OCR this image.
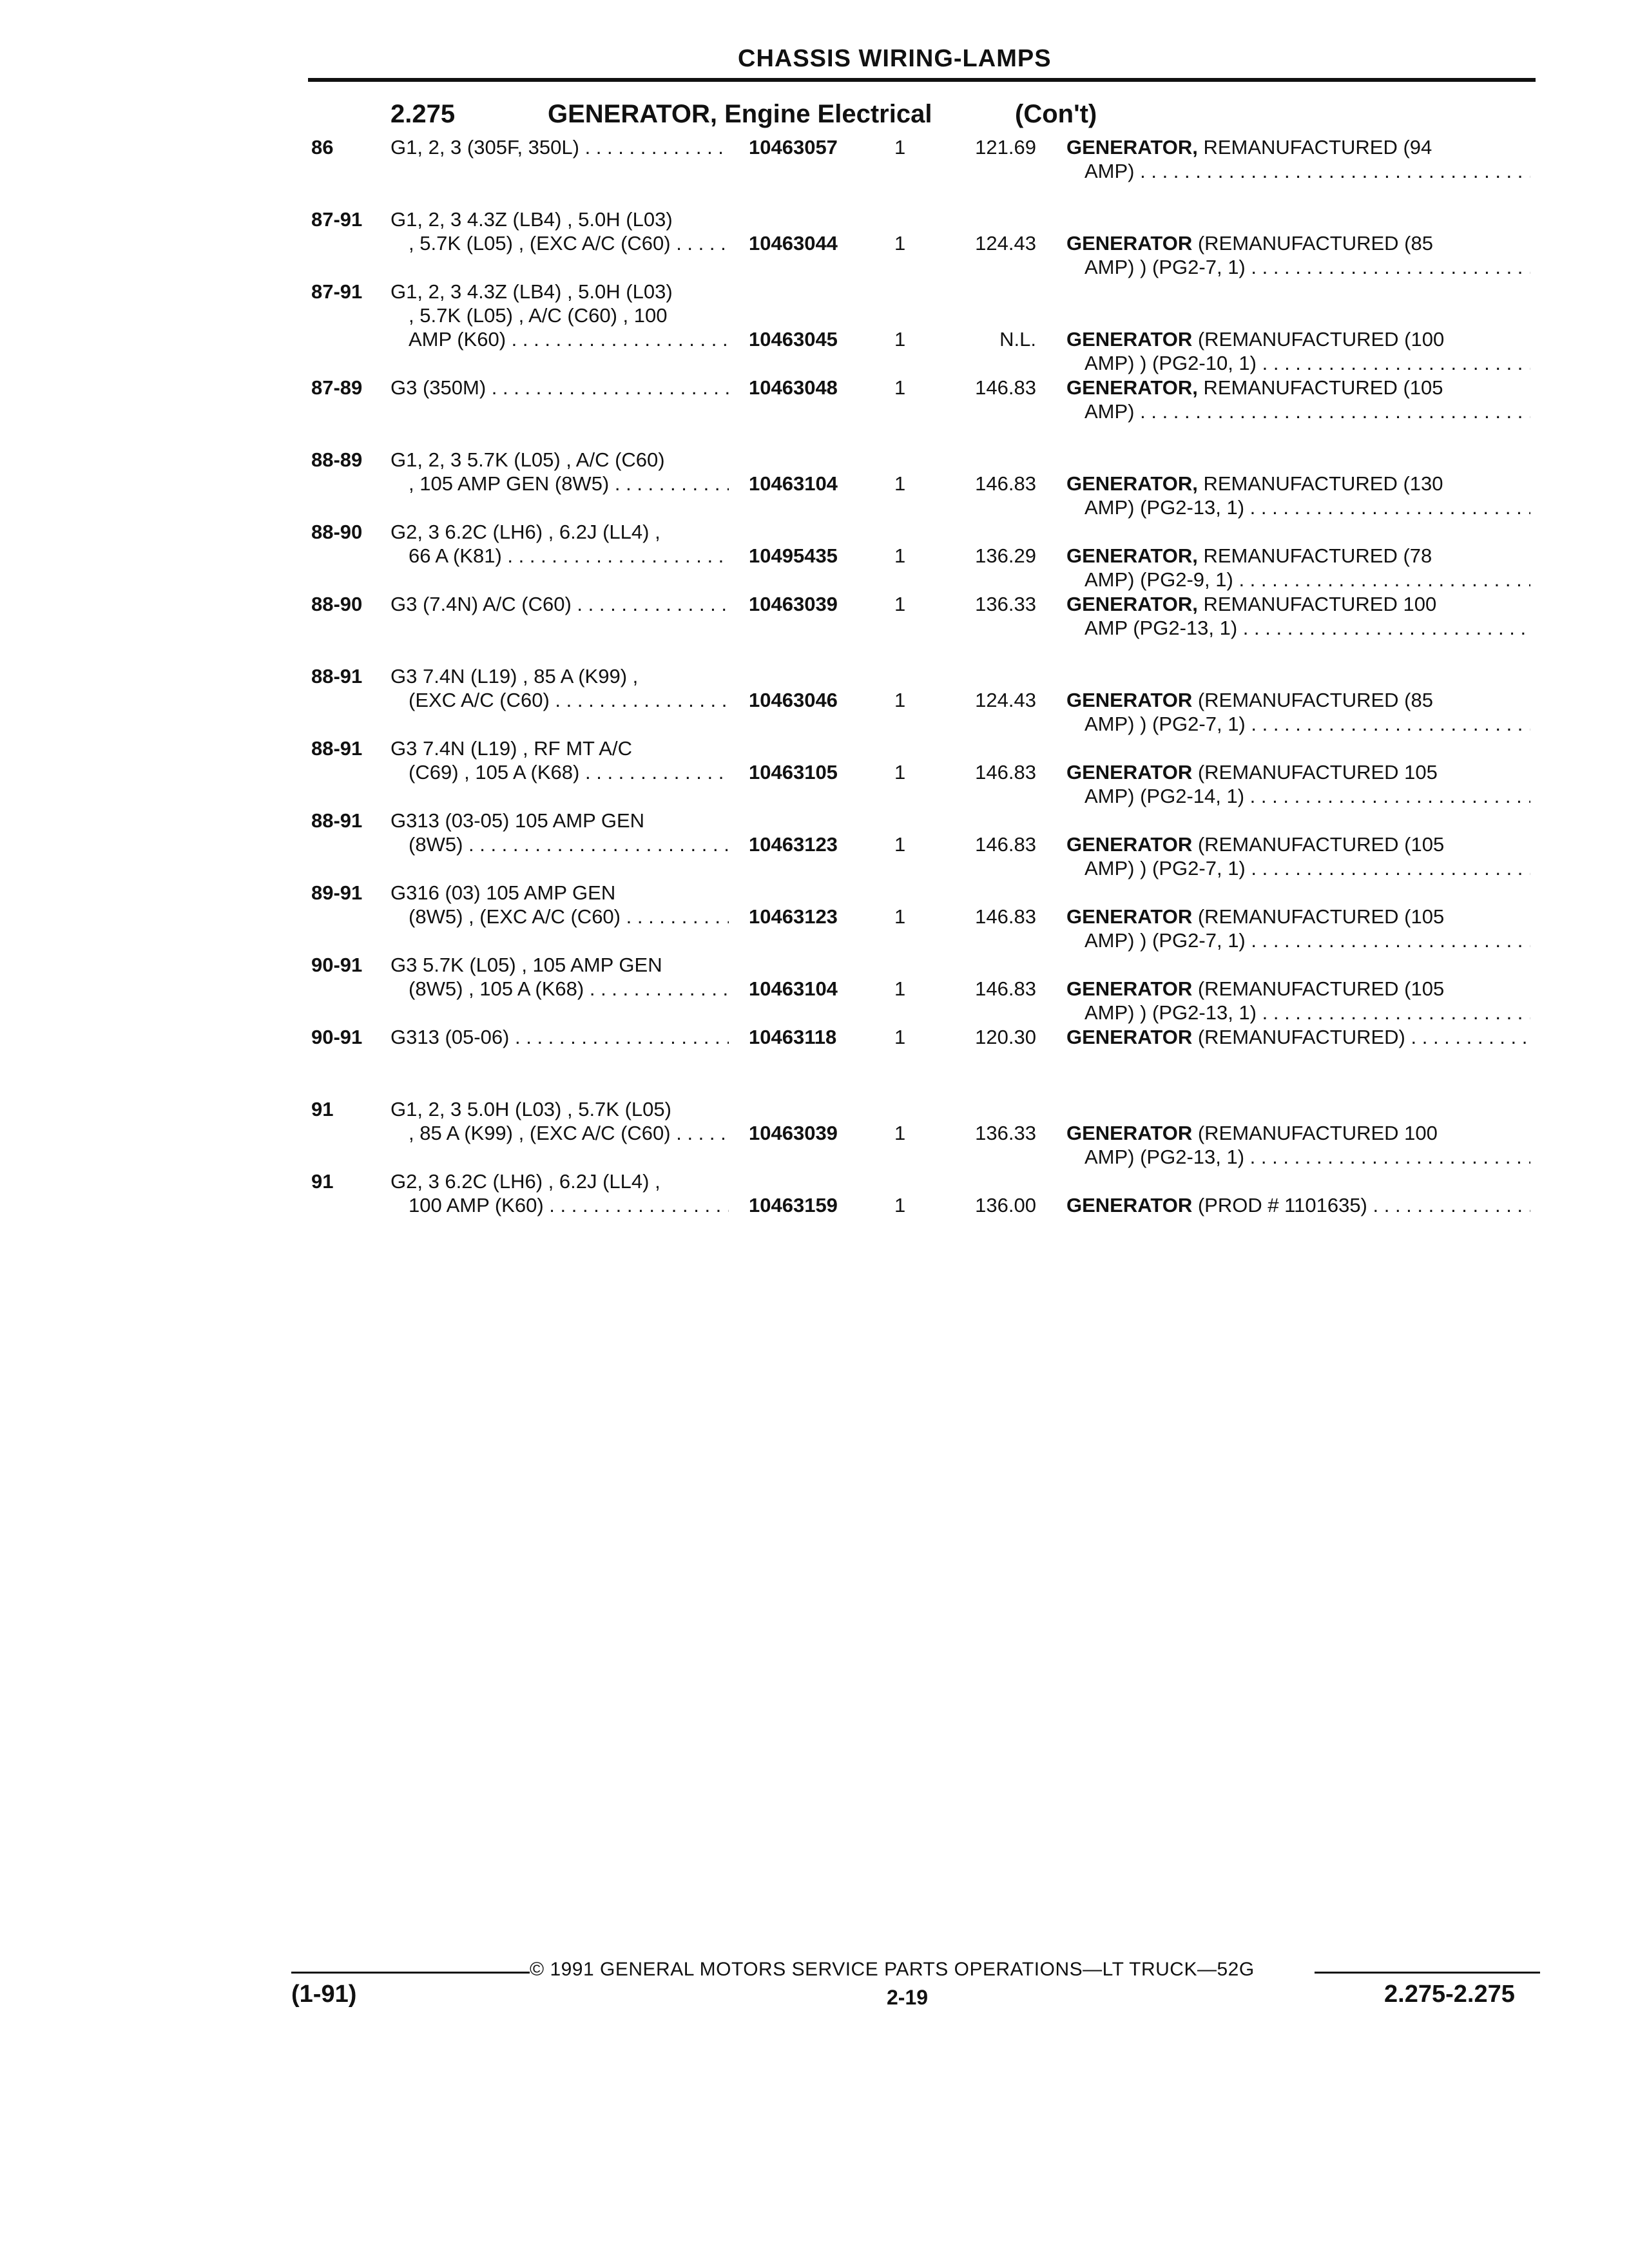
CHASSIS WIRING-LAMPS
2.275	GENERATOR, Engine Electrical	(Con't)
86	G1, 2, 3 (305F, 350L) . . .	10463057	1	121.69 GENERATOR, REMANUFACTURED (94
AMP) . . .
87-91 G1, 2, 3 4.3Z (LB4) , 5.0H (L03)
, 5.7K (L05) , (EXC A/C (C60) . . .	10463044	1	124.43 GENERATOR (REMANUFACTURED (85
AMP) ) (PG2-7, 1) . . .
87-91 G1, 2, 3 4.3Z (LB4) , 5.0H (L03)
, 5.7K (L05) , A/C (C60) , 100
AMP (K60) . . .	10463045	1	N.L. GENERATOR (REMANUFACTURED (100
AMP) ) (PG2-10, 1) . . .
87-89 G3 (350M) . . .	10463048	1	146.83 GENERATOR, REMANUFACTURED (105
AMP) . . .
88-89 G1, 2, 3 5.7K (L05) , A/C (C60)
, 105 AMP GEN (8W5) . . .	10463104	1	146.83 GENERATOR, REMANUFACTURED (130
AMP) (PG2-13, 1) . . .
88-90 G2, 3 6.2C (LH6) , 6.2J (LL4) ,
66 A (K81) . . .	10495435	1	136.29 GENERATOR, REMANUFACTURED (78
AMP) (PG2-9, 1) . . .
88-90 G3 (7.4N) A/C (C60) . . .	10463039	1	136.33 GENERATOR, REMANUFACTURED 100
AMP (PG2-13, 1) . . .
88-91 G3 7.4N (L19) , 85 A (K99) ,
(EXC A/C (C60) . . .	10463046	1	124.43 GENERATOR (REMANUFACTURED (85
AMP) ) (PG2-7, 1) . . .
88-91 G3 7.4N (L19) , RF MT A/C
(C69) , 105 A (K68) . . .	10463105	1	146.83 GENERATOR (REMANUFACTURED 105
AMP) (PG2-14, 1) . . .
88-91 G313 (03-05) 105 AMP GEN
(8W5) . . .	10463123	1	146.83 GENERATOR (REMANUFACTURED (105
AMP) ) (PG2-7, 1) . . .
89-91 G316 (03) 105 AMP GEN
(8W5) , (EXC A/C (C60) . . .	10463123	1	146.83 GENERATOR (REMANUFACTURED (105
AMP) ) (PG2-7, 1) . . .
90-91 G3 5.7K (L05) , 105 AMP GEN
(8W5) , 105 A (K68) . . .	10463104	1	146.83 GENERATOR (REMANUFACTURED (105
AMP) ) (PG2-13, 1) . . .
90-91 G313 (05-06) . . .	10463118	1	120.30 GENERATOR (REMANUFACTURED) . . .
91	G1, 2, 3 5.0H (L03) , 5.7K (L05)
, 85 A (K99) , (EXC A/C (C60) . . .	10463039	1	136.33 GENERATOR (REMANUFACTURED 100
AMP) (PG2-13, 1) . . .
91	G2, 3 6.2C (LH6) , 6.2J (LL4) ,
100 AMP (K60) . . .	10463159	1	136.00 GENERATOR (PROD # 1101635) . . .
© 1991 GENERAL MOTORS SERVICE PARTS OPERATIONS—LT TRUCK—52G
(1-91)	2-19	2.275-2.275
